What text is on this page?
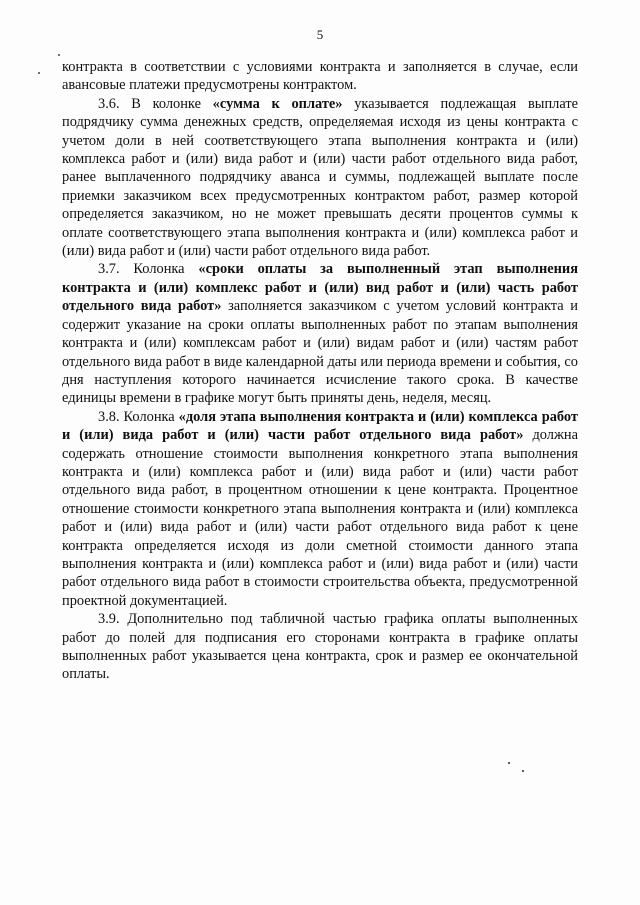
5

контракта в соответствии с условиями контракта и заполняется в случае, если авансовые платежи предусмотрены контрактом.

3.6. В колонке «сумма к оплате» указывается подлежащая выплате подрядчику сумма денежных средств, определяемая исходя из цены контракта с учетом доли в ней соответствующего этапа выполнения контракта и (или) комплекса работ и (или) вида работ и (или) части работ отдельного вида работ, ранее выплаченного подрядчику аванса и суммы, подлежащей выплате после приемки заказчиком всех предусмотренных контрактом работ, размер которой определяется заказчиком, но не может превышать десяти процентов суммы к оплате соответствующего этапа выполнения контракта и (или) комплекса работ и (или) вида работ и (или) части работ отдельного вида работ.

3.7. Колонка «сроки оплаты за выполненный этап выполнения контракта и (или) комплекс работ и (или) вид работ и (или) часть работ отдельного вида работ» заполняется заказчиком с учетом условий контракта и содержит указание на сроки оплаты выполненных работ по этапам выполнения контракта и (или) комплексам работ и (или) видам работ и (или) частям работ отдельного вида работ в виде календарной даты или периода времени и события, со дня наступления которого начинается исчисление такого срока. В качестве единицы времени в графике могут быть приняты день, неделя, месяц.

3.8. Колонка «доля этапа выполнения контракта и (или) комплекса работ и (или) вида работ и (или) части работ отдельного вида работ» должна содержать отношение стоимости выполнения конкретного этапа выполнения контракта и (или) комплекса работ и (или) вида работ и (или) части работ отдельного вида работ, в процентном отношении к цене контракта. Процентное отношение стоимости конкретного этапа выполнения контракта и (или) комплекса работ и (или) вида работ и (или) части работ отдельного вида работ к цене контракта определяется исходя из доли сметной стоимости данного этапа выполнения контракта и (или) комплекса работ и (или) вида работ и (или) части работ отдельного вида работ в стоимости строительства объекта, предусмотренной проектной документацией.

3.9. Дополнительно под табличной частью графика оплаты выполненных работ до полей для подписания его сторонами контракта в графике оплаты выполненных работ указывается цена контракта, срок и размер ее окончательной оплаты.
